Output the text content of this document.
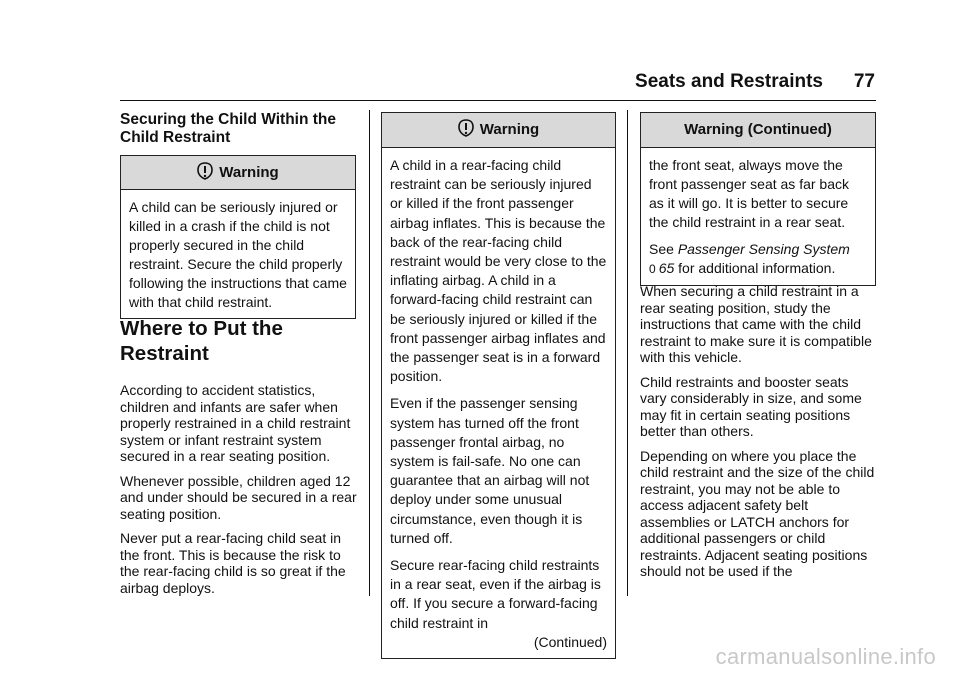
Seats and Restraints 77
Securing the Child Within the Child Restraint
Warning

A child can be seriously injured or killed in a crash if the child is not properly secured in the child restraint. Secure the child properly following the instructions that came with that child restraint.

Where to Put the Restraint

According to accident statistics, children and infants are safer when properly restrained in a child restraint system or infant restraint system secured in a rear seating position.

Whenever possible, children aged 12 and under should be secured in a rear seating position.

Never put a rear-facing child seat in the front. This is because the risk to the rear-facing child is so great if the airbag deploys.

Warning

A child in a rear-facing child restraint can be seriously injured or killed if the front passenger airbag inflates. This is because the back of the rear-facing child restraint would be very close to the inflating airbag. A child in a forward-facing child restraint can be seriously injured or killed if the front passenger airbag inflates and the passenger seat is in a forward position.

Even if the passenger sensing system has turned off the front passenger frontal airbag, no system is fail-safe. No one can guarantee that an airbag will not deploy under some unusual circumstance, even though it is turned off.

Secure rear-facing child restraints in a rear seat, even if the airbag is off. If you secure a forward-facing child restraint in

(Continued)
Warning (Continued)

the front seat, always move the front passenger seat as far back as it will go. It is better to secure the child restraint in a rear seat.

See Passenger Sensing System
0 65 for additional information.

When securing a child restraint in a rear seating position, study the instructions that came with the child restraint to make sure it is compatible with this vehicle.

Child restraints and booster seats vary considerably in size, and some may fit in certain seating positions better than others.

Depending on where you place the child restraint and the size of the child restraint, you may not be able to access adjacent safety belt assemblies or LATCH anchors for additional passengers or child restraints. Adjacent seating positions should not be used if the

carmanualsonline.info
